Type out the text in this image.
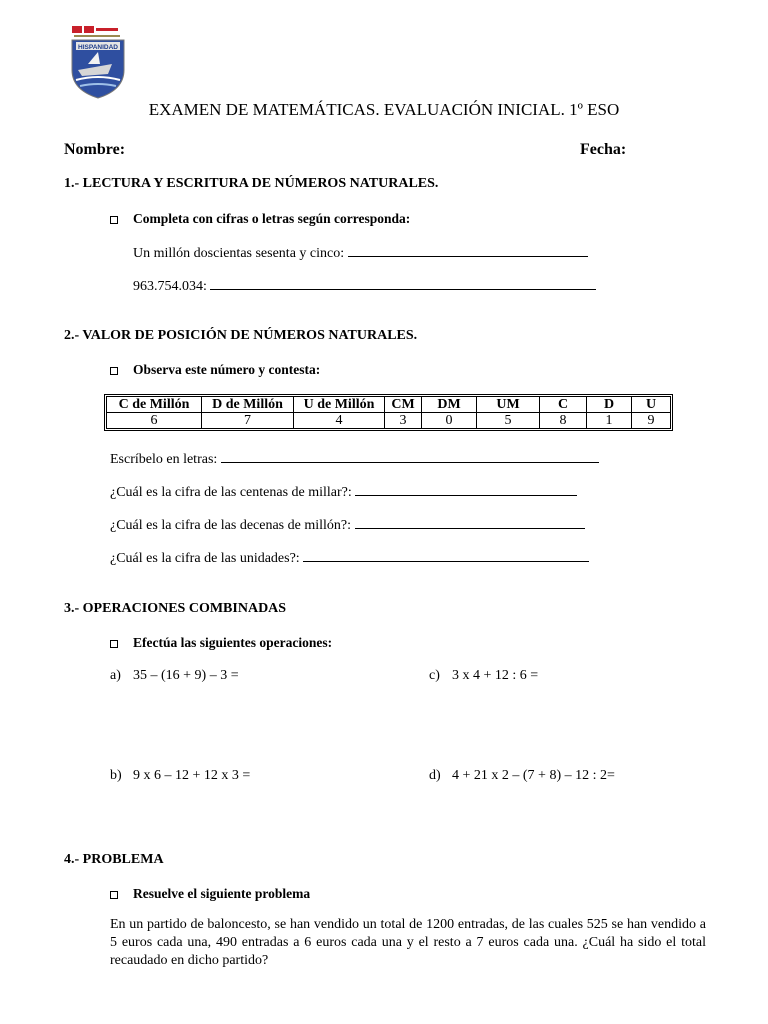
HISPANIDAD
EXAMEN DE MATEMÁTICAS. EVALUACIÓN INICIAL. 1º ESO
Nombre:	Fecha:
1.- LECTURA Y ESCRITURA DE NÚMEROS NATURALES.
Completa con cifras o letras según corresponda:
Un millón doscientas sesenta y cinco:
963.754.034:
2.- VALOR DE POSICIÓN DE NÚMEROS NATURALES.
Observa este número y contesta:
C de Millón	D de Millón	U de Millón	CM	DM	UM	C	D	U
6	7	4	3	0	5	8	1	9
Escríbelo en letras:
¿Cuál es la cifra de las centenas de millar?:
¿Cuál es la cifra de las decenas de millón?:
¿Cuál es la cifra de las unidades?:
3.- OPERACIONES COMBINADAS
Efectúa las siguientes operaciones:
a) 35 – (16 + 9) – 3 =	c) 3 x 4 + 12 : 6 =
b) 9 x 6 – 12 + 12 x 3 =	d) 4 + 21 x 2 – (7 + 8) – 12 : 2=
4.- PROBLEMA
Resuelve el siguiente problema
En un partido de baloncesto, se han vendido un total de 1200 entradas, de las cuales 525 se han vendido a 5 euros cada una, 490 entradas a 6 euros cada una y el resto a 7 euros cada una. ¿Cuál ha sido el total recaudado en dicho partido?
